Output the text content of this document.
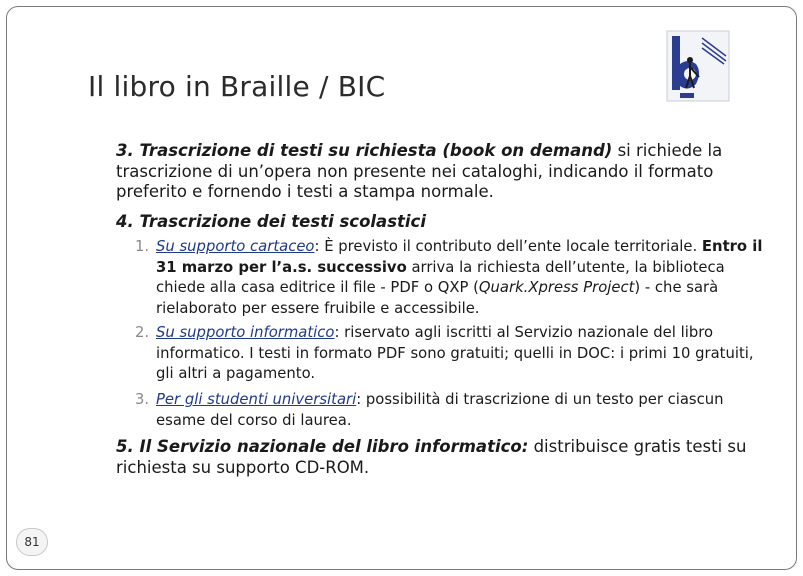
Il libro in Braille / BIC
3. Trascrizione di testi su richiesta (book on demand) si richiede la trascrizione di un’opera non presente nei cataloghi, indicando il formato preferito e fornendo i testi a stampa normale.
4. Trascrizione dei testi scolastici
1. Su supporto cartaceo: È previsto il contributo dell’ente locale territoriale. Entro il 31 marzo per l’a.s. successivo arriva la richiesta dell’utente, la biblioteca chiede alla casa editrice il file - PDF o QXP (Quark.Xpress Project) - che sarà rielaborato per essere fruibile e accessibile.
2. Su supporto informatico: riservato agli iscritti al Servizio nazionale del libro informatico. I testi in formato PDF sono gratuiti; quelli in DOC: i primi 10 gratuiti, gli altri a pagamento.
3. Per gli studenti universitari: possibilità di trascrizione di un testo per ciascun esame del corso di laurea.
5. Il Servizio nazionale del libro informatico: distribuisce gratis testi su richiesta su supporto CD-ROM.
81
